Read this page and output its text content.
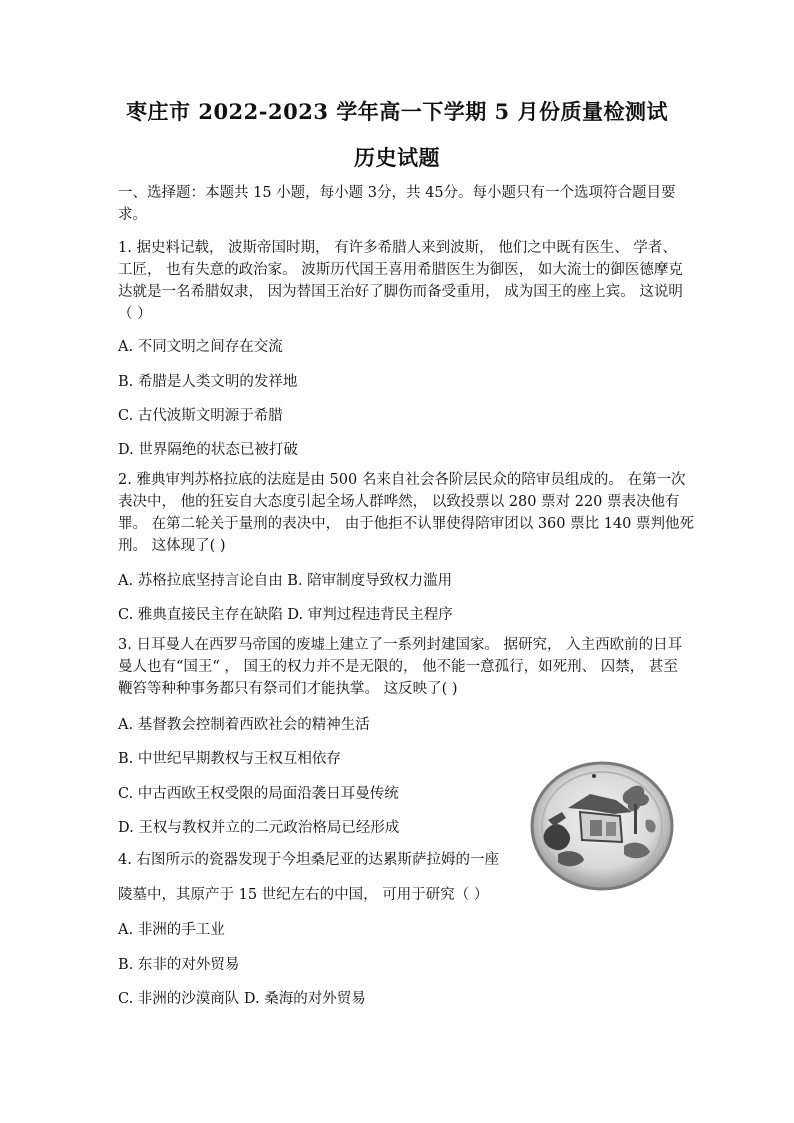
枣庄市 2022-2023 学年高一下学期 5 月份质量检测试
历史试题
一、选择题：本题共 15 小题，每小题 3分，共 45分。每小题只有一个选项符合题目要
求。
1. 据史料记载， 波斯帝国时期， 有许多希腊人来到波斯， 他们之中既有医生、 学者、
工匠， 也有失意的政治家。 波斯历代国王喜用希腊医生为御医， 如大流士的御医德摩克
达就是一名希腊奴隶， 因为替国王治好了脚伤而备受重用， 成为国王的座上宾。 这说明
（ ）
A. 不同文明之间存在交流
B. 希腊是人类文明的发祥地
C. 古代波斯文明源于希腊
D. 世界隔绝的状态已被打破
2. 雅典审判苏格拉底的法庭是由 500 名来自社会各阶层民众的陪审员组成的。 在第一次
表决中， 他的狂妄自大态度引起全场人群哗然， 以致投票以 280 票对 220 票表决他有
罪。 在第二轮关于量刑的表决中， 由于他拒不认罪使得陪审团以 360 票比 140 票判他死
刑。 这体现了( )
A. 苏格拉底坚持言论自由 B. 陪审制度导致权力滥用
C. 雅典直接民主存在缺陷 D. 审判过程违背民主程序
3. 日耳曼人在西罗马帝国的废墟上建立了一系列封建国家。 据研究， 入主西欧前的日耳
曼人也有“国王“ ， 国王的权力并不是无限的， 他不能一意孤行，如死刑、 囚禁， 甚至
鞭笞等种种事务都只有祭司们才能执掌。 这反映了( )
A. 基督教会控制着西欧社会的精神生活
B. 中世纪早期教权与王权互相依存
C. 中古西欧王权受限的局面沿袭日耳曼传统
D. 王权与教权并立的二元政治格局已经形成
4. 右图所示的瓷器发现于今坦桑尼亚的达累斯萨拉姆的一座
陵墓中，其原产于 15 世纪左右的中国， 可用于研究（ ）
A. 非洲的手工业
B. 东非的对外贸易
C. 非洲的沙漠商队 D. 桑海的对外贸易
